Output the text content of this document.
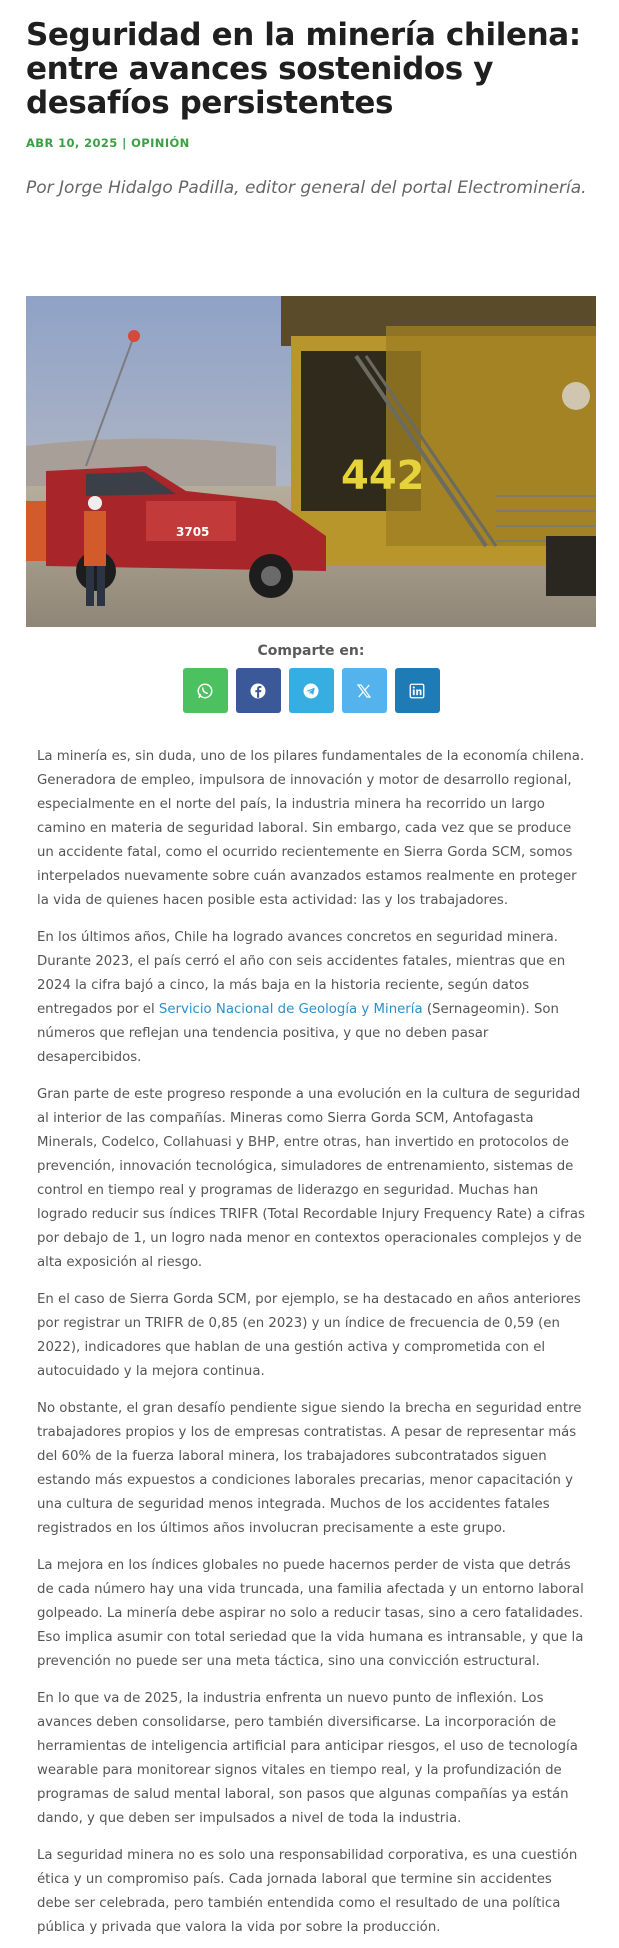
Seguridad en la minería chilena: entre avances sostenidos y desafíos persistentes
ABR 10, 2025 | OPINIÓN
Por Jorge Hidalgo Padilla, editor general del portal Electrominería.
442
3705
Comparte en:

La minería es, sin duda, uno de los pilares fundamentales de la economía chilena. Generadora de empleo, impulsora de innovación y motor de desarrollo regional, especialmente en el norte del país, la industria minera ha recorrido un largo camino en materia de seguridad laboral. Sin embargo, cada vez que se produce un accidente fatal, como el ocurrido recientemente en Sierra Gorda SCM, somos interpelados nuevamente sobre cuán avanzados estamos realmente en proteger la vida de quienes hacen posible esta actividad: las y los trabajadores.

En los últimos años, Chile ha logrado avances concretos en seguridad minera. Durante 2023, el país cerró el año con seis accidentes fatales, mientras que en 2024 la cifra bajó a cinco, la más baja en la historia reciente, según datos entregados por el Servicio Nacional de Geología y Minería (Sernageomin). Son números que reflejan una tendencia positiva, y que no deben pasar desapercibidos.

Gran parte de este progreso responde a una evolución en la cultura de seguridad al interior de las compañías. Mineras como Sierra Gorda SCM, Antofagasta Minerals, Codelco, Collahuasi y BHP, entre otras, han invertido en protocolos de prevención, innovación tecnológica, simuladores de entrenamiento, sistemas de control en tiempo real y programas de liderazgo en seguridad. Muchas han logrado reducir sus índices TRIFR (Total Recordable Injury Frequency Rate) a cifras por debajo de 1, un logro nada menor en contextos operacionales complejos y de alta exposición al riesgo.

En el caso de Sierra Gorda SCM, por ejemplo, se ha destacado en años anteriores por registrar un TRIFR de 0,85 (en 2023) y un índice de frecuencia de 0,59 (en 2022), indicadores que hablan de una gestión activa y comprometida con el autocuidado y la mejora continua.

No obstante, el gran desafío pendiente sigue siendo la brecha en seguridad entre trabajadores propios y los de empresas contratistas. A pesar de representar más del 60% de la fuerza laboral minera, los trabajadores subcontratados siguen estando más expuestos a condiciones laborales precarias, menor capacitación y una cultura de seguridad menos integrada. Muchos de los accidentes fatales registrados en los últimos años involucran precisamente a este grupo.

La mejora en los índices globales no puede hacernos perder de vista que detrás de cada número hay una vida truncada, una familia afectada y un entorno laboral golpeado. La minería debe aspirar no solo a reducir tasas, sino a cero fatalidades. Eso implica asumir con total seriedad que la vida humana es intransable, y que la prevención no puede ser una meta táctica, sino una convicción estructural.

En lo que va de 2025, la industria enfrenta un nuevo punto de inflexión. Los avances deben consolidarse, pero también diversificarse. La incorporación de herramientas de inteligencia artificial para anticipar riesgos, el uso de tecnología wearable para monitorear signos vitales en tiempo real, y la profundización de programas de salud mental laboral, son pasos que algunas compañías ya están dando, y que deben ser impulsados a nivel de toda la industria.

La seguridad minera no es solo una responsabilidad corporativa, es una cuestión ética y un compromiso país. Cada jornada laboral que termine sin accidentes debe ser celebrada, pero también entendida como el resultado de una política pública y privada que valora la vida por sobre la producción.
